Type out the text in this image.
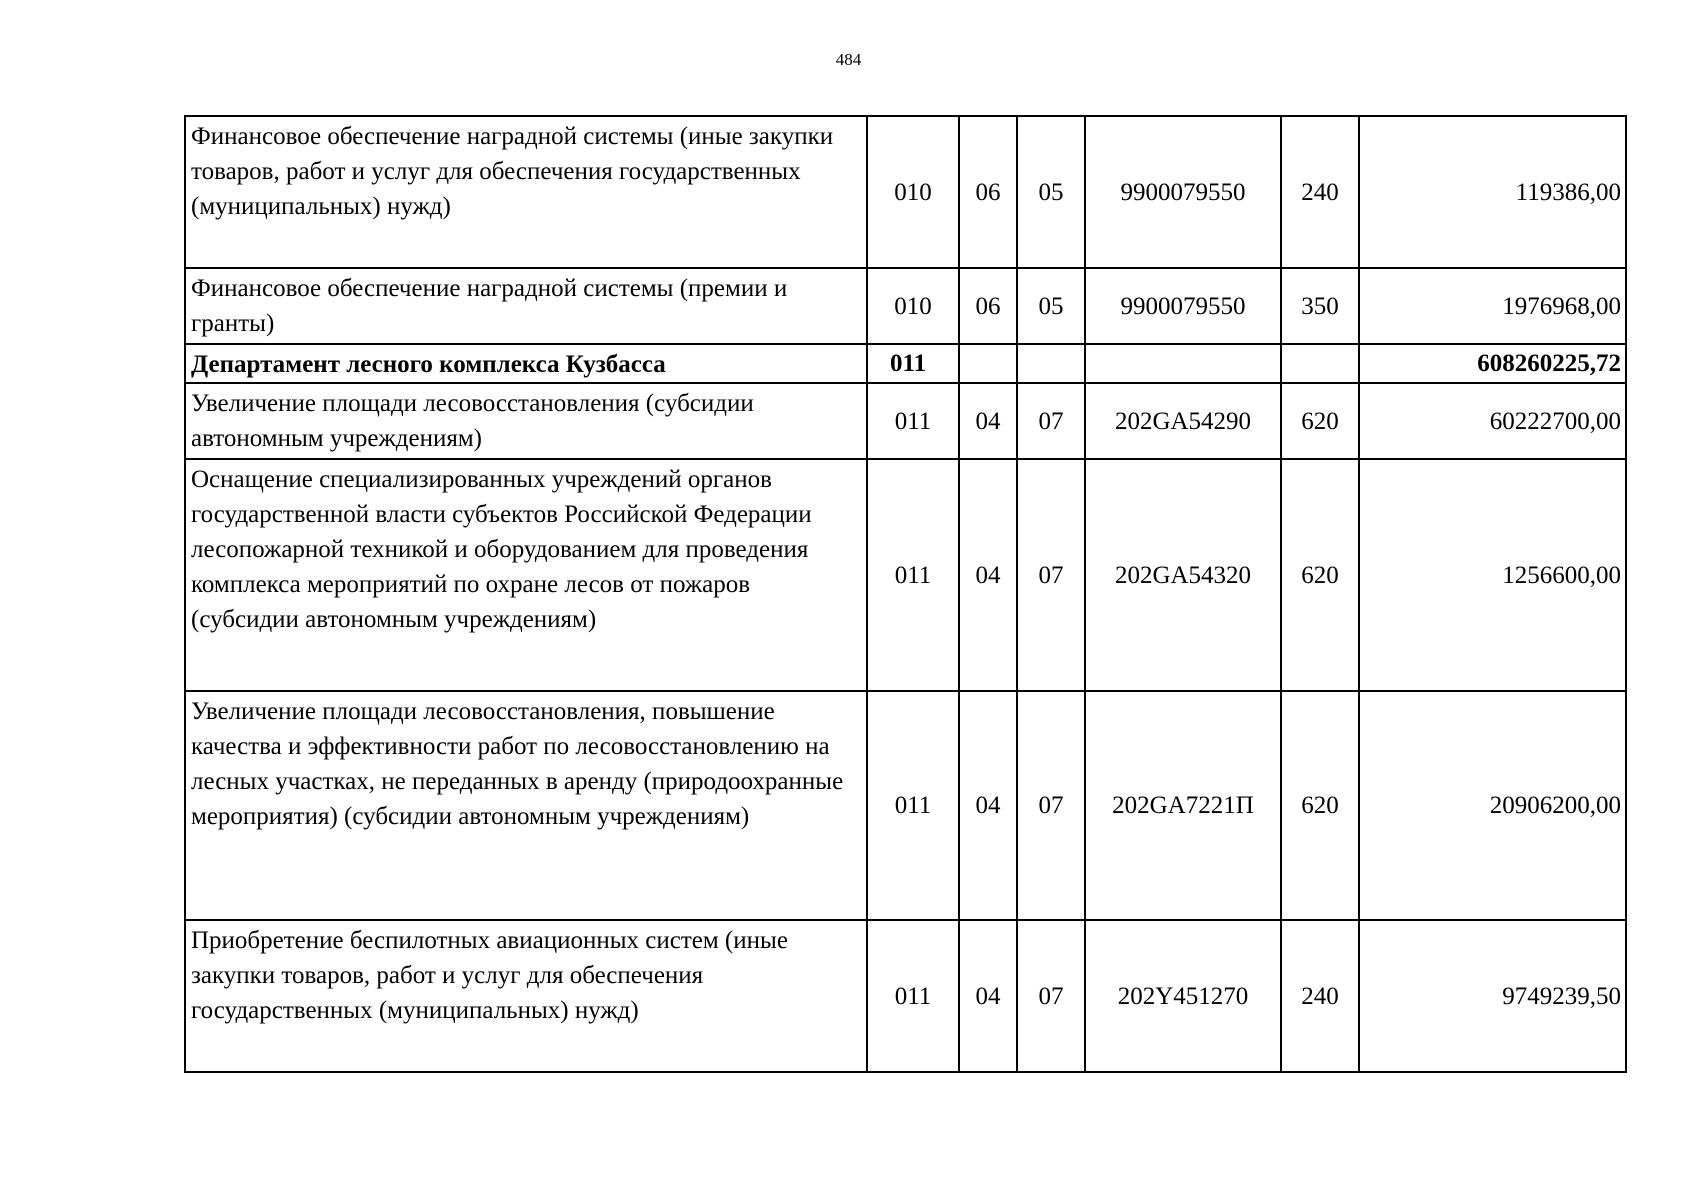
484
Финансовое обеспечение наградной системы (иные закупки товаров, работ и услуг для обеспечения государственных (муниципальных) нужд)	010	06	05	9900079550	240	119386,00
Финансовое обеспечение наградной системы (премии и гранты)	010	06	05	9900079550	350	1976968,00
Департамент лесного комплекса Кузбасса	011					608260225,72
Увеличение площади лесовосстановления (субсидии автономным учреждениям)	011	04	07	202GA54290	620	60222700,00
Оснащение специализированных учреждений органов государственной власти субъектов Российской Федерации лесопожарной техникой и оборудованием для проведения комплекса мероприятий по охране лесов от пожаров (субсидии автономным учреждениям)	011	04	07	202GA54320	620	1256600,00
Увеличение площади лесовосстановления, повышение качества и эффективности работ по лесовосстановлению на лесных участках, не переданных в аренду (природоохранные мероприятия) (субсидии автономным учреждениям)	011	04	07	202GA7221П	620	20906200,00
Приобретение беспилотных авиационных систем (иные закупки товаров, работ и услуг для обеспечения государственных (муниципальных) нужд)	011	04	07	202Y451270	240	9749239,50
